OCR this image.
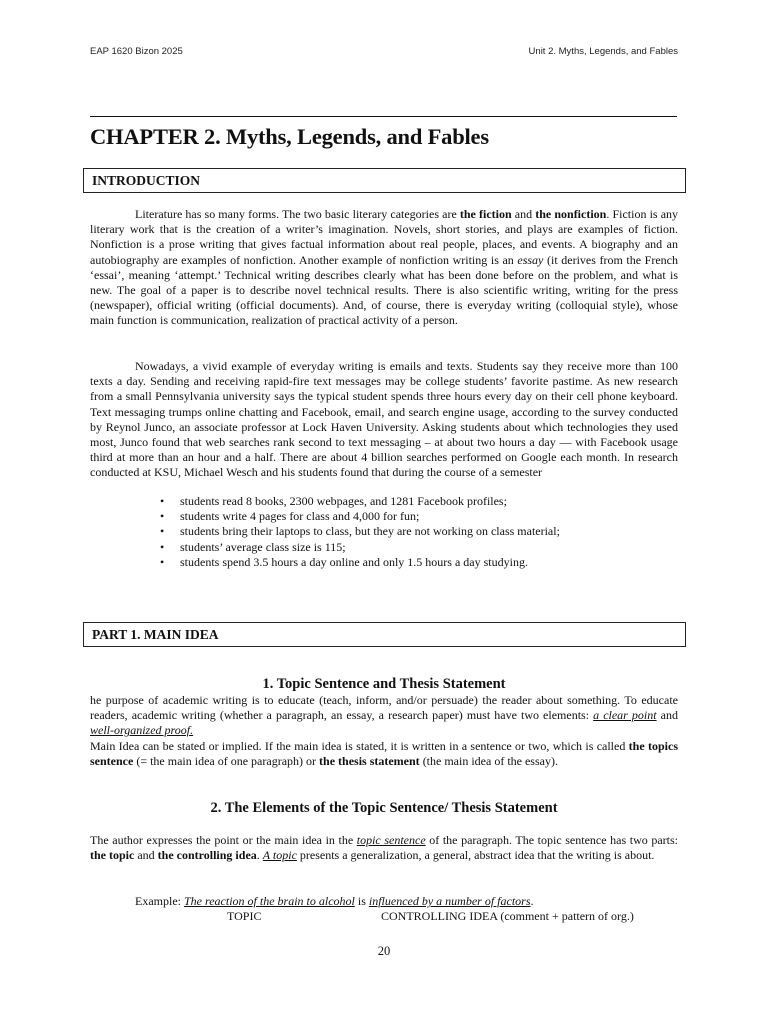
EAP 1620 Bizon 2025	Unit 2. Myths, Legends, and Fables
CHAPTER 2. Myths, Legends, and Fables
INTRODUCTION

Literature has so many forms. The two basic literary categories are the fiction and the nonfiction. Fiction is any literary work that is the creation of a writer’s imagination. Novels, short stories, and plays are examples of fiction. Nonfiction is a prose writing that gives factual information about real people, places, and events. A biography and an autobiography are examples of nonfiction. Another example of nonfiction writing is an essay (it derives from the French ‘essai’, meaning ‘attempt.’ Technical writing describes clearly what has been done before on the problem, and what is new. The goal of a paper is to describe novel technical results. There is also scientific writing, writing for the press (newspaper), official writing (official documents). And, of course, there is everyday writing (colloquial style), whose main function is communication, realization of practical activity of a person.

Nowadays, a vivid example of everyday writing is emails and texts. Students say they receive more than 100 texts a day. Sending and receiving rapid-fire text messages may be college students’ favorite pastime. As new research from a small Pennsylvania university says the typical student spends three hours every day on their cell phone keyboard. Text messaging trumps online chatting and Facebook, email, and search engine usage, according to the survey conducted by Reynol Junco, an associate professor at Lock Haven University. Asking students about which technologies they used most, Junco found that web searches rank second to text messaging – at about two hours a day — with Facebook usage third at more than an hour and a half. There are about 4 billion searches performed on Google each month. In research conducted at KSU, Michael Wesch and his students found that during the course of a semester

•	students read 8 books, 2300 webpages, and 1281 Facebook profiles;
•	students write 4 pages for class and 4,000 for fun;
•	students bring their laptops to class, but they are not working on class material;
•	students’ average class size is 115;
•	students spend 3.5 hours a day online and only 1.5 hours a day studying.
PART 1. MAIN IDEA
1. Topic Sentence and Thesis Statement

he purpose of academic writing is to educate (teach, inform, and/or persuade) the reader about something. To educate readers, academic writing (whether a paragraph, an essay, a research paper) must have two elements: a clear point and well-organized proof.

Main Idea can be stated or implied. If the main idea is stated, it is written in a sentence or two, which is called the topics sentence (= the main idea of one paragraph) or the thesis statement (the main idea of the essay).

2. The Elements of the Topic Sentence/ Thesis Statement

The author expresses the point or the main idea in the topic sentence of the paragraph. The topic sentence has two parts: the topic and the controlling idea. A topic presents a generalization, a general, abstract idea that the writing is about.

Example: The reaction of the brain to alcohol is influenced by a number of factors.
TOPIC	CONTROLLING IDEA (comment + pattern of org.)
20
